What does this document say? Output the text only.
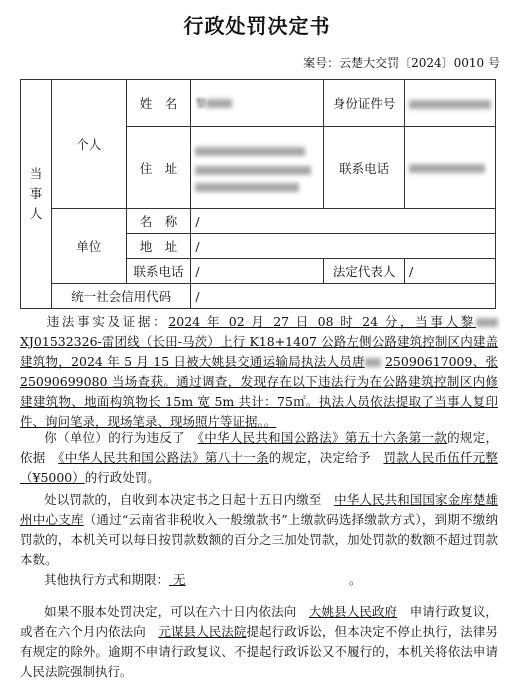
行政处罚决定书
案号：云楚大交罚〔2024〕0010 号
当
事
人	个人	姓　名	黎	身份证件号	
		住　址		联系电话	
	单位	名　称	/		
		地　址	/		
		联系电话	/	法定代表人	/
	统一社会信用代码		/		
违法事实及证据：2024 年 02 月 27 日 08 时 24 分，当事人黎 XJ01532326-雷团线（长田-马茨）上行 K18+1407 公路左侧公路建筑控制区内建盖建筑物，2024 年 5 月 15 日被大姚县交通运输局执法人员唐 25090617009、张 25090699080 当场查获。通过调查，发现存在以下违法行为在公路建筑控制区内修建建筑物、地面构筑物长 15m 宽 5m 共计：75㎡。执法人员依法提取了当事人复印件、询问笔录，现场笔录、现场照片等证据。。
你（单位）的行为违反了　 《中华人民共和国公路法》第五十六条第一款的规定，依据　 《中华人民共和国公路法》第八十一条的规定，决定给予　 罚款人民币伍仟元整（¥5000）的行政处罚。
处以罚款的，自收到本决定书之日起十五日内缴至　 中华人民共和国国家金库楚雄州中心支库（通过“云南省非税收入一般缴款书”上缴款码选择缴款方式），到期不缴纳罚款的，本机关可以每日按罚款数额的百分之三加处罚款，加处罚款的数额不超过罚款本数。
其他执行方式和期限： 无	。
如果不服本处罚决定，可以在六十日内依法向　 大姚县人民政府　 申请行政复议，或者在六个月内依法向　 元谋县人民法院提起行政诉讼，但本决定不停止执行，法律另有规定的除外。逾期不申请行政复议、不提起行政诉讼又不履行的，本机关将依法申请人民法院强制执行。
